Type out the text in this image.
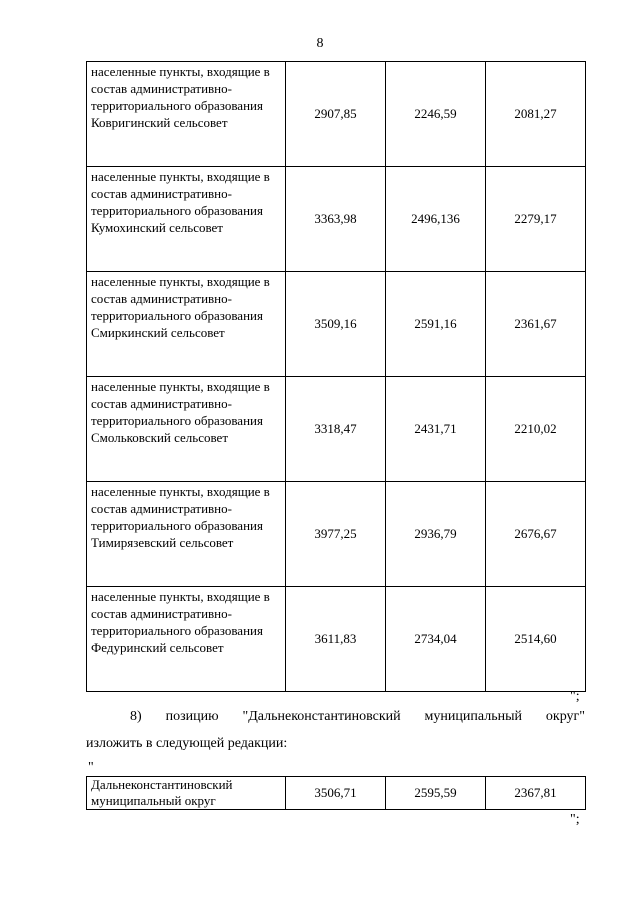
8
населенные пункты, входящие в состав административно-территориального образования Ковригинский сельсовет	2907,85	2246,59	2081,27
населенные пункты, входящие в состав административно-территориального образования Кумохинский сельсовет	3363,98	2496,136	2279,17
населенные пункты, входящие в состав административно-территориального образования Смиркинский сельсовет	3509,16	2591,16	2361,67
населенные пункты, входящие в состав административно-территориального образования Смольковский сельсовет	3318,47	2431,71	2210,02
населенные пункты, входящие в состав административно-территориального образования Тимирязевский сельсовет	3977,25	2936,79	2676,67
населенные пункты, входящие в состав административно-территориального образования Федуринский сельсовет	3611,83	2734,04	2514,60
";
8) позицию "Дальнеконстантиновский муниципальный округ"
изложить в следующей редакции:
"
Дальнеконстантиновский муниципальный округ	3506,71	2595,59	2367,81
";
